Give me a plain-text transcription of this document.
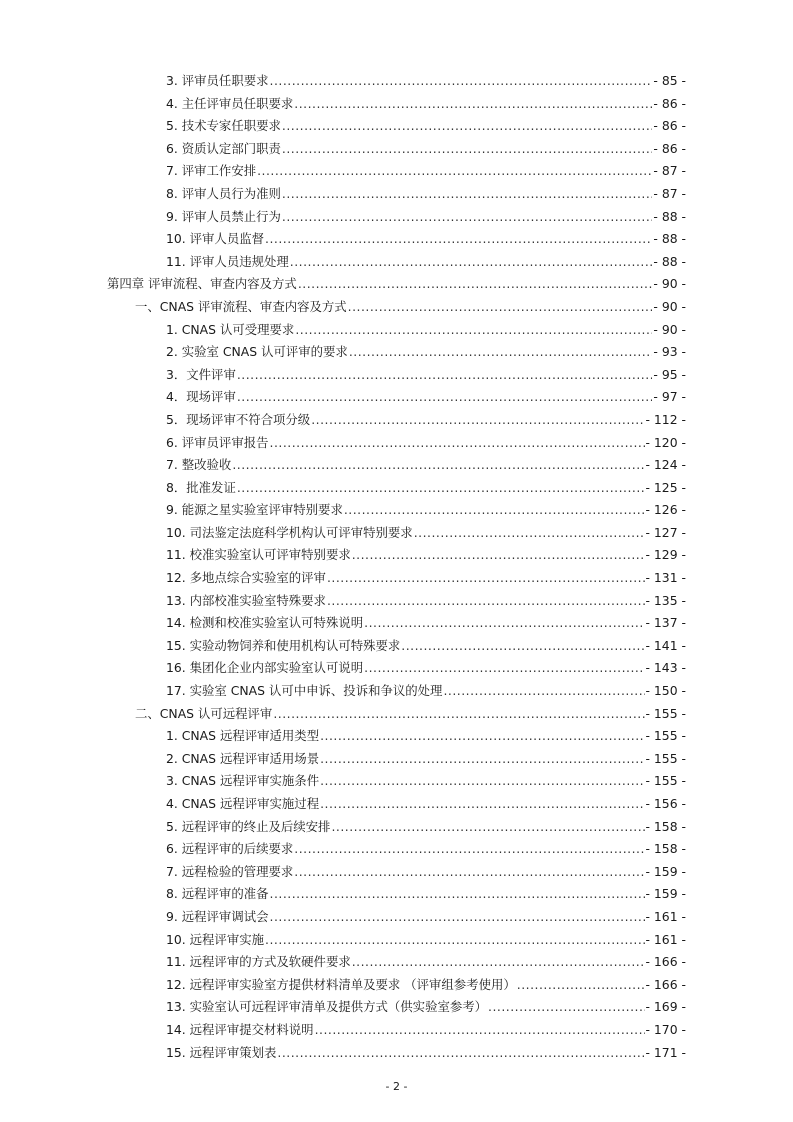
3. 评审员任职要求 .....	- 85 -
4. 主任评审员任职要求 .....	- 86 -
5. 技术专家任职要求 .....	- 86 -
6. 资质认定部门职责 .....	- 86 -
7. 评审工作安排 .....	- 87 -
8. 评审人员行为准则 .....	- 87 -
9. 评审人员禁止行为 .....	- 88 -
10. 评审人员监督 .....	- 88 -
11. 评审人员违规处理 .....	- 88 -
第四章 评审流程、审查内容及方式 .....	- 90 -
一、CNAS 评审流程、审查内容及方式 .....	- 90 -
1. CNAS 认可受理要求 .....	- 90 -
2. 实验室 CNAS 认可评审的要求 .....	- 93 -
3．文件评审 .....	- 95 -
4．现场评审 .....	- 97 -
5．现场评审不符合项分级 .....	- 112 -
6. 评审员评审报告 .....	- 120 -
7. 整改验收 .....	- 124 -
8．批准发证 .....	- 125 -
9. 能源之星实验室评审特别要求 .....	- 126 -
10. 司法鉴定法庭科学机构认可评审特别要求 .....	- 127 -
11. 校准实验室认可评审特别要求 .....	- 129 -
12. 多地点综合实验室的评审 .....	- 131 -
13. 内部校准实验室特殊要求 .....	- 135 -
14. 检测和校准实验室认可特殊说明 .....	- 137 -
15. 实验动物饲养和使用机构认可特殊要求 .....	- 141 -
16. 集团化企业内部实验室认可说明 .....	- 143 -
17. 实验室 CNAS 认可中申诉、投诉和争议的处理 .....	- 150 -
二、CNAS 认可远程评审 .....	- 155 -
1. CNAS 远程评审适用类型 .....	- 155 -
2. CNAS 远程评审适用场景 .....	- 155 -
3. CNAS 远程评审实施条件 .....	- 155 -
4. CNAS 远程评审实施过程 .....	- 156 -
5. 远程评审的终止及后续安排 .....	- 158 -
6. 远程评审的后续要求 .....	- 158 -
7. 远程检验的管理要求 .....	- 159 -
8. 远程评审的准备 .....	- 159 -
9. 远程评审调试会 .....	- 161 -
10. 远程评审实施 .....	- 161 -
11. 远程评审的方式及软硬件要求 .....	- 166 -
12. 远程评审实验室方提供材料清单及要求 （评审组参考使用） .....	- 166 -
13. 实验室认可远程评审清单及提供方式（供实验室参考） .....	- 169 -
14. 远程评审提交材料说明 .....	- 170 -
15. 远程评审策划表 .....	- 171 -
- 2 -
